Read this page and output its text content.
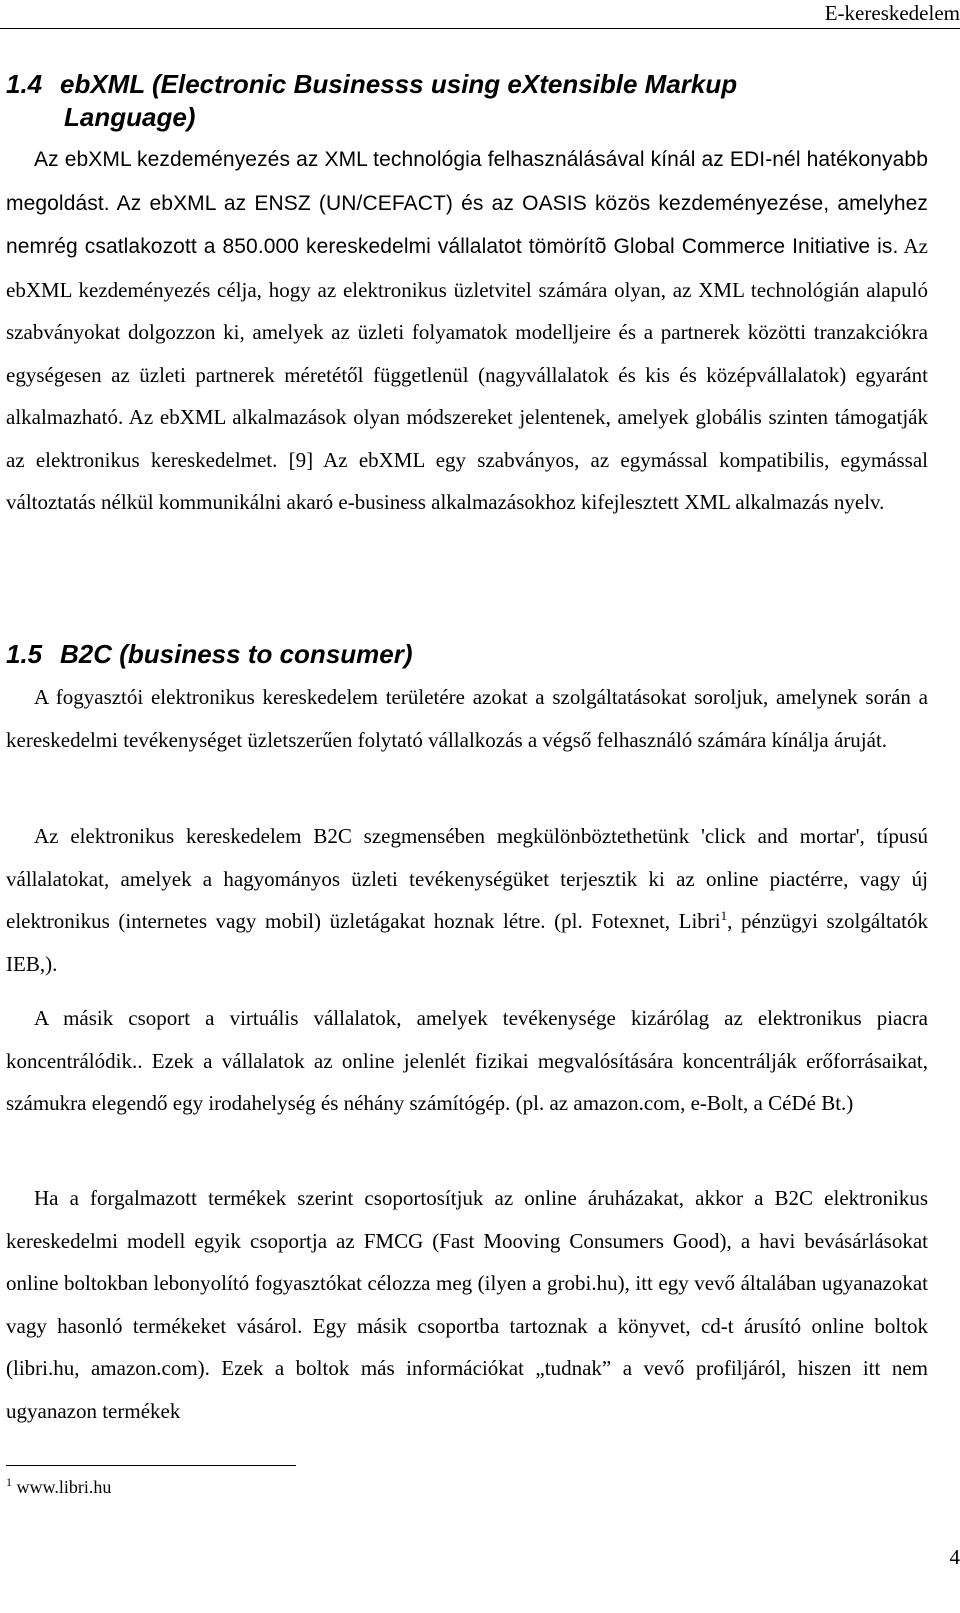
E-kereskedelem
1.4 ebXML (Electronic Businesss using eXtensible Markup
Language)

Az ebXML kezdeményezés az XML technológia felhasználásával kínál az EDI-nél hatékonyabb megoldást. Az ebXML az ENSZ (UN/CEFACT) és az OASIS közös kezdeményezése, amelyhez nemrég csatlakozott a 850.000 kereskedelmi vállalatot tömörítõ Global Commerce Initiative is. Az ebXML kezdeményezés célja, hogy az elektronikus üzletvitel számára olyan, az XML technológián alapuló szabványokat dolgozzon ki, amelyek az üzleti folyamatok modelljeire és a partnerek közötti tranzakciókra egységesen az üzleti partnerek méretétől függetlenül (nagyvállalatok és kis és középvállalatok) egyaránt alkalmazható. Az ebXML alkalmazások olyan módszereket jelentenek, amelyek globális szinten támogatják az elektronikus kereskedelmet. [9] Az ebXML egy szabványos, az egymással kompatibilis, egymással változtatás nélkül kommunikálni akaró e-business alkalmazásokhoz kifejlesztett XML alkalmazás nyelv.

1.5 B2C (business to consumer)

A fogyasztói elektronikus kereskedelem területére azokat a szolgáltatásokat soroljuk, amelynek során a kereskedelmi tevékenységet üzletszerűen folytató vállalkozás a végső felhasználó számára kínálja áruját.

Az elektronikus kereskedelem B2C szegmensében megkülönböztethetünk 'click and mortar', típusú vállalatokat, amelyek a hagyományos üzleti tevékenységüket terjesztik ki az online piactérre, vagy új elektronikus (internetes vagy mobil) üzletágakat hoznak létre. (pl. Fotexnet, Libri$^1$, pénzügyi szolgáltatók IEB,).

A másik csoport a virtuális vállalatok, amelyek tevékenysége kizárólag az elektronikus piacra koncentrálódik.. Ezek a vállalatok az online jelenlét fizikai megvalósítására koncentrálják erőforrásaikat, számukra elegendő egy irodahelység és néhány számítógép. (pl. az amazon.com, e-Bolt, a CéDé Bt.)

Ha a forgalmazott termékek szerint csoportosítjuk az online áruházakat, akkor a B2C elektronikus kereskedelmi modell egyik csoportja az FMCG (Fast Mooving Consumers Good), a havi bevásárlásokat online boltokban lebonyolító fogyasztókat célozza meg (ilyen a grobi.hu), itt egy vevő általában ugyanazokat vagy hasonló termékeket vásárol. Egy másik csoportba tartoznak a könyvet, cd-t árusító online boltok (libri.hu, amazon.com). Ezek a boltok más információkat „tudnak” a vevő profiljáról, hiszen itt nem ugyanazon termékek

$^1$ www.libri.hu
4
